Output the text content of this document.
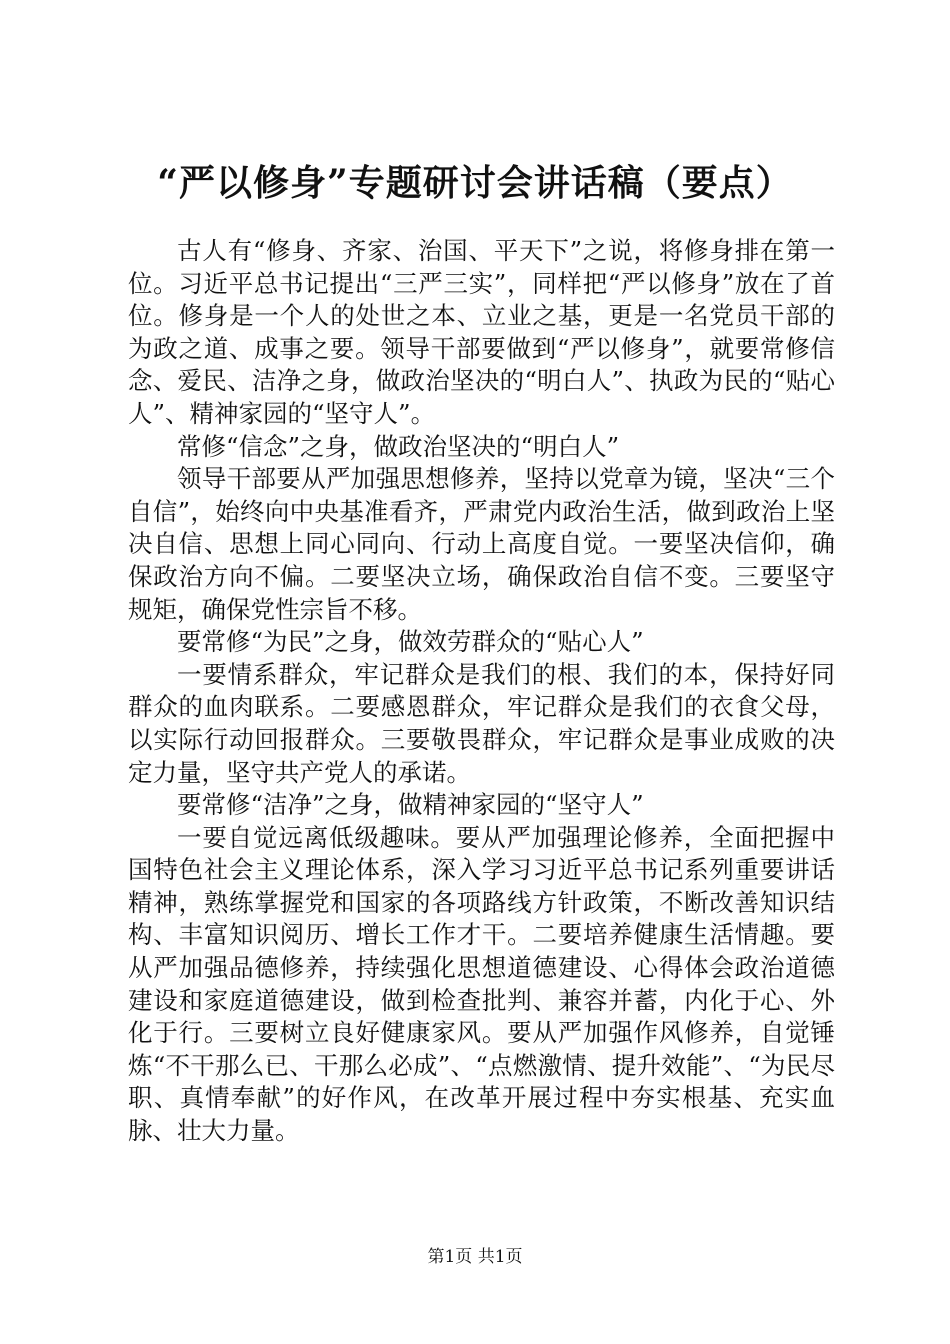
“严以修身”专题研讨会讲话稿（要点）

古人有“修身、齐家、治国、平天下”之说，将修身排在第一位。习近平总书记提出“三严三实”，同样把“严以修身”放在了首位。修身是一个人的处世之本、立业之基，更是一名党员干部的为政之道、成事之要。领导干部要做到“严以修身”，就要常修信念、爱民、洁净之身，做政治坚决的“明白人”、执政为民的“贴心人”、精神家园的“坚守人”。

常修“信念”之身，做政治坚决的“明白人”

领导干部要从严加强思想修养，坚持以党章为镜，坚决“三个自信”，始终向中央基准看齐，严肃党内政治生活，做到政治上坚决自信、思想上同心同向、行动上高度自觉。一要坚决信仰，确保政治方向不偏。二要坚决立场，确保政治自信不变。三要坚守规矩，确保党性宗旨不移。

要常修“为民”之身，做效劳群众的“贴心人”

一要情系群众，牢记群众是我们的根、我们的本，保持好同群众的血肉联系。二要感恩群众，牢记群众是我们的衣食父母，以实际行动回报群众。三要敬畏群众，牢记群众是事业成败的决定力量，坚守共产党人的承诺。

要常修“洁净”之身，做精神家园的“坚守人”

一要自觉远离低级趣味。要从严加强理论修养，全面把握中国特色社会主义理论体系，深入学习习近平总书记系列重要讲话精神，熟练掌握党和国家的各项路线方针政策，不断改善知识结构、丰富知识阅历、增长工作才干。二要培养健康生活情趣。要从严加强品德修养，持续强化思想道德建设、心得体会政治道德建设和家庭道德建设，做到检查批判、兼容并蓄，内化于心、外化于行。三要树立良好健康家风。要从严加强作风修养，自觉锤炼“不干那么已、干那么必成”、“点燃激情、提升效能”、“为民尽职、真情奉献”的好作风，在改革开展过程中夯实根基、充实血脉、壮大力量。

第1页 共1页
